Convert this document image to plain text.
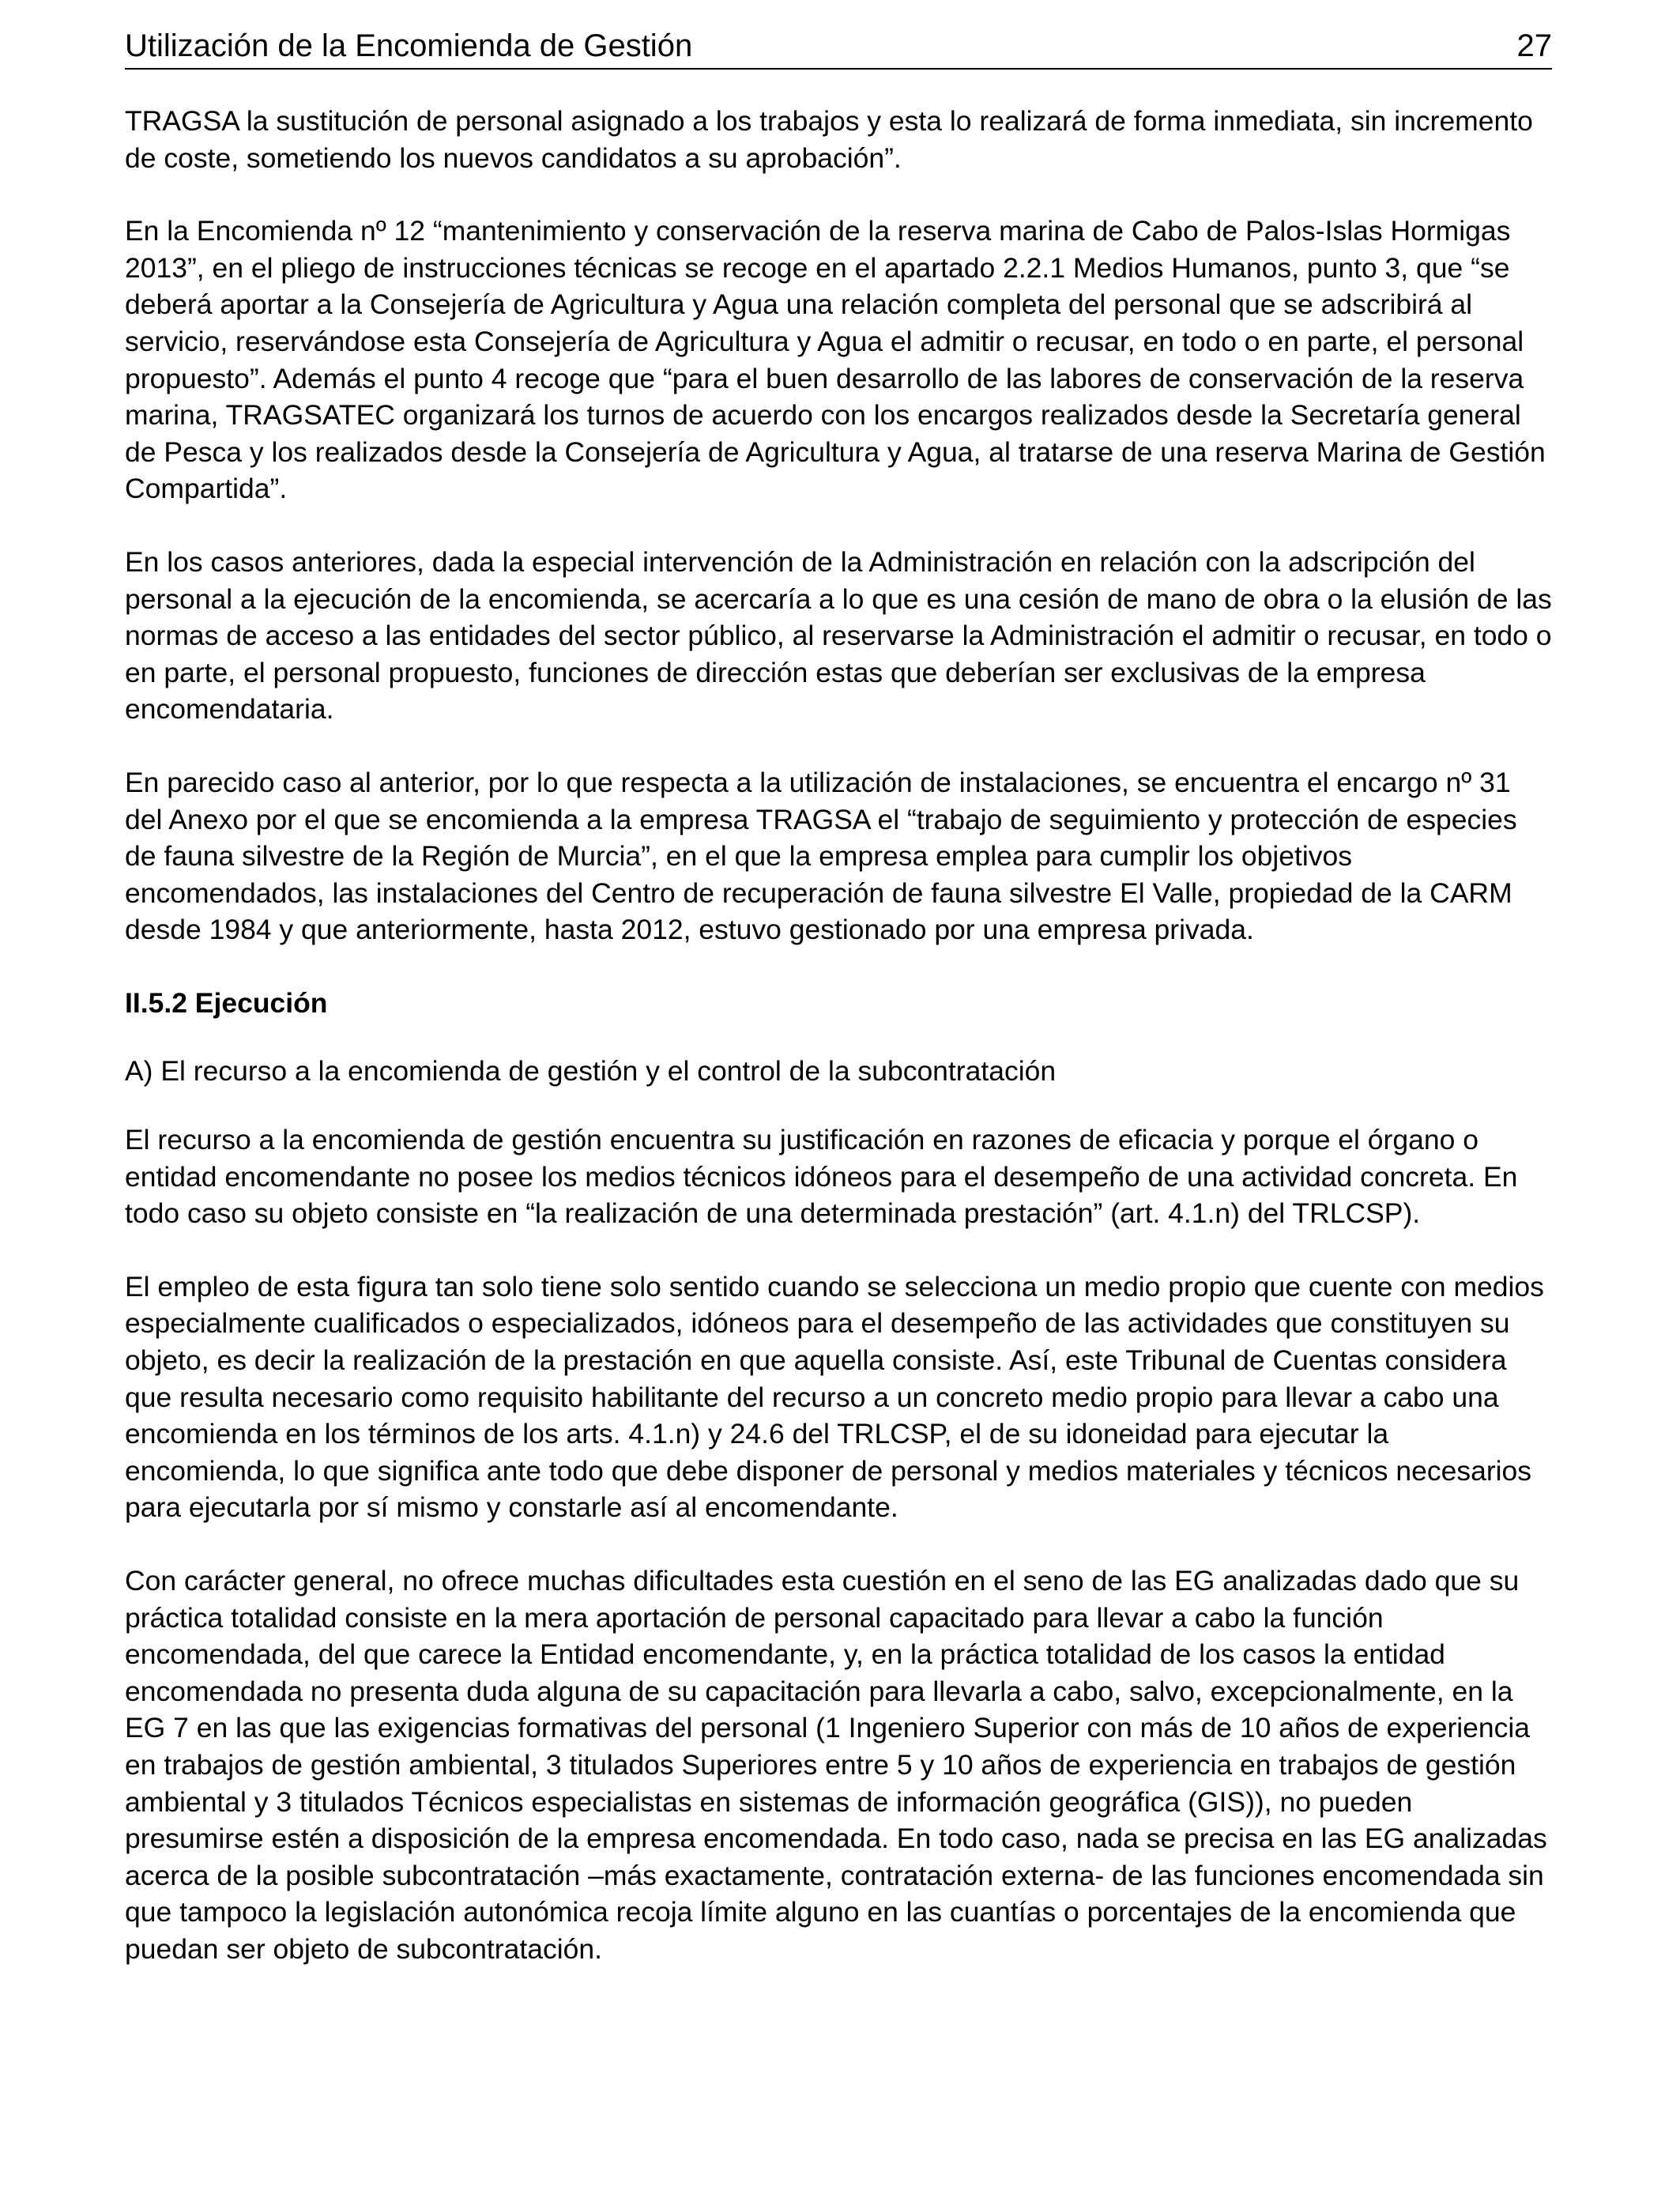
Utilización de la Encomienda de Gestión	27

TRAGSA la sustitución de personal asignado a los trabajos y esta lo realizará de forma inmediata, sin incremento de coste, sometiendo los nuevos candidatos a su aprobación”.

En la Encomienda nº 12 “mantenimiento y conservación de la reserva marina de Cabo de Palos-Islas Hormigas 2013”, en el pliego de instrucciones técnicas se recoge en el apartado 2.2.1 Medios Humanos, punto 3, que “se deberá aportar a la Consejería de Agricultura y Agua una relación completa del personal que se adscribirá al servicio, reservándose esta Consejería de Agricultura y Agua el admitir o recusar, en todo o en parte, el personal propuesto”. Además el punto 4 recoge que “para el buen desarrollo de las labores de conservación de la reserva marina, TRAGSATEC organizará los turnos de acuerdo con los encargos realizados desde la Secretaría general de Pesca y los realizados desde la Consejería de Agricultura y Agua, al tratarse de una reserva Marina de Gestión Compartida”.

En los casos anteriores, dada la especial intervención de la Administración en relación con la adscripción del personal a la ejecución de la encomienda, se acercaría a lo que es una cesión de mano de obra o la elusión de las normas de acceso a las entidades del sector público, al reservarse la Administración el admitir o recusar, en todo o en parte, el personal propuesto, funciones de dirección estas que deberían ser exclusivas de la empresa encomendataria.

En parecido caso al anterior, por lo que respecta a la utilización de instalaciones, se encuentra el encargo nº 31 del Anexo por el que se encomienda a la empresa TRAGSA el “trabajo de seguimiento y protección de especies de fauna silvestre de la Región de Murcia”, en el que la empresa emplea para cumplir los objetivos encomendados, las instalaciones del Centro de recuperación de fauna silvestre El Valle, propiedad de la CARM desde 1984 y que anteriormente, hasta 2012, estuvo gestionado por una empresa privada.

II.5.2 Ejecución
A) El recurso a la encomienda de gestión y el control de la subcontratación

El recurso a la encomienda de gestión encuentra su justificación en razones de eficacia y porque el órgano o entidad encomendante no posee los medios técnicos idóneos para el desempeño de una actividad concreta. En todo caso su objeto consiste en “la realización de una determinada prestación” (art. 4.1.n) del TRLCSP).

El empleo de esta figura tan solo tiene solo sentido cuando se selecciona un medio propio que cuente con medios especialmente cualificados o especializados, idóneos para el desempeño de las actividades que constituyen su objeto, es decir la realización de la prestación en que aquella consiste. Así, este Tribunal de Cuentas considera que resulta necesario como requisito habilitante del recurso a un concreto medio propio para llevar a cabo una encomienda en los términos de los arts. 4.1.n) y 24.6 del TRLCSP, el de su idoneidad para ejecutar la encomienda, lo que significa ante todo que debe disponer de personal y medios materiales y técnicos necesarios para ejecutarla por sí mismo y constarle así al encomendante.

Con carácter general, no ofrece muchas dificultades esta cuestión en el seno de las EG analizadas dado que su práctica totalidad consiste en la mera aportación de personal capacitado para llevar a cabo la función encomendada, del que carece la Entidad encomendante, y, en la práctica totalidad de los casos la entidad encomendada no presenta duda alguna de su capacitación para llevarla a cabo, salvo, excepcionalmente, en la EG 7 en las que las exigencias formativas del personal (1 Ingeniero Superior con más de 10 años de experiencia en trabajos de gestión ambiental, 3 titulados Superiores entre 5 y 10 años de experiencia en trabajos de gestión ambiental y 3 titulados Técnicos especialistas en sistemas de información geográfica (GIS)), no pueden presumirse estén a disposición de la empresa encomendada. En todo caso, nada se precisa en las EG analizadas acerca de la posible subcontratación –más exactamente, contratación externa- de las funciones encomendada sin que tampoco la legislación autonómica recoja límite alguno en las cuantías o porcentajes de la encomienda que puedan ser objeto de subcontratación.
